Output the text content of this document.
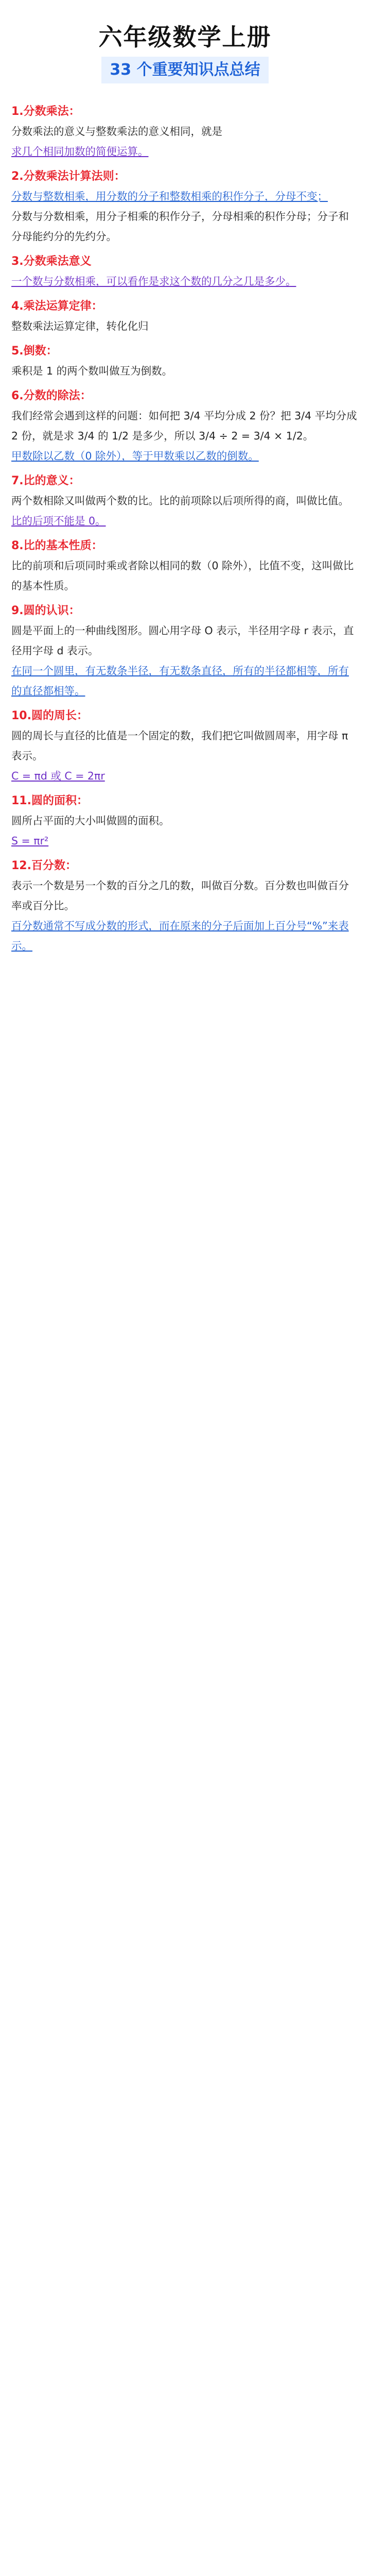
六年级数学上册
33 个重要知识点总结
1.分数乘法：

分数乘法的意义与整数乘法的意义相同，就是

求几个相同加数的简便运算。

2.分数乘法计算法则：

分数与整数相乘，用分数的分子和整数相乘的积作分子，分母不变；

分数与分数相乘，用分子相乘的积作分子，分母相乘的积作分母；分子和分母能约分的先约分。

3.分数乘法意义

一个数与分数相乘，可以看作是求这个数的几分之几是多少。

4.乘法运算定律：

整数乘法运算定律，转化化归

5.倒数：

乘积是 1 的两个数叫做互为倒数。

6.分数的除法：

我们经常会遇到这样的问题：如何把 3/4 平均分成 2 份？把 3/4 平均分成 2 份，就是求 3/4 的 1/2 是多少，所以 3/4 ÷ 2 = 3/4 × 1/2。

甲数除以乙数（0 除外），等于甲数乘以乙数的倒数。

7.比的意义：

两个数相除又叫做两个数的比。比的前项除以后项所得的商，叫做比值。

比的后项不能是 0。

8.比的基本性质：

比的前项和后项同时乘或者除以相同的数（0 除外），比值不变，这叫做比的基本性质。

9.圆的认识：

圆是平面上的一种曲线图形。圆心用字母 O 表示，半径用字母 r 表示，直径用字母 d 表示。

在同一个圆里，有无数条半径，有无数条直径，所有的半径都相等，所有的直径都相等。

10.圆的周长：

圆的周长与直径的比值是一个固定的数，我们把它叫做圆周率，用字母 π 表示。

C = πd 或 C = 2πr

11.圆的面积：

圆所占平面的大小叫做圆的面积。

S = πr²

12.百分数：

表示一个数是另一个数的百分之几的数，叫做百分数。百分数也叫做百分率或百分比。

百分数通常不写成分数的形式，而在原来的分子后面加上百分号“%”来表示。
